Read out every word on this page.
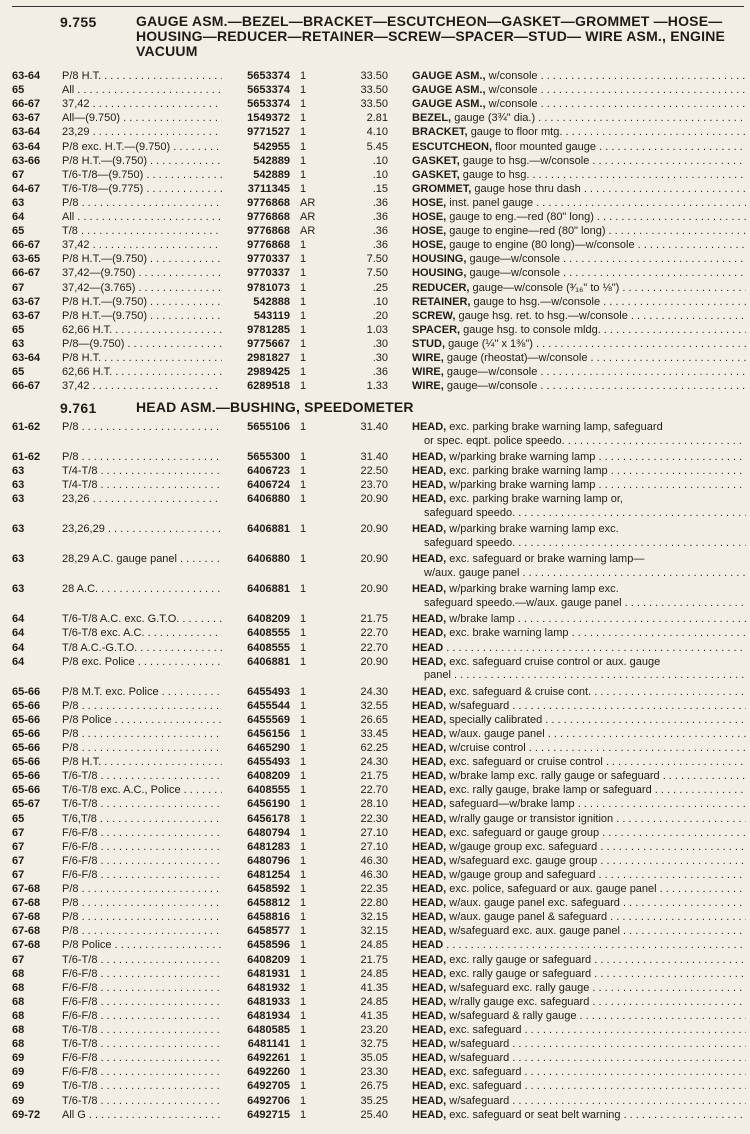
9.755	GAUGE ASM.—BEZEL—BRACKET—ESCUTCHEON—GASKET—GROMMET —HOSE—HOUSING—REDUCER—RETAINER—SCREW—SPACER—STUD— WIRE ASM., ENGINE VACUUM
63-64	P/8 H.T. . . .	5653374 1	33.50 GAUGE ASM., w/console . . .
65	All . . .	5653374 1	33.50 GAUGE ASM., w/console . . .
66-67	37,42 . . .	5653374 1	33.50 GAUGE ASM., w/console . . .
63-67	All—(9.750) . . .	1549372 1	2.81 BEZEL, gauge (3¾" dia.) . . .
63-64	23,29 . . .	9771527 1	4.10 BRACKET, gauge to floor mtg. . . .
63-64	P/8 exc. H.T.—(9.750) . . .	542955 1	5.45 ESCUTCHEON, floor mounted gauge . . .
63-66	P/8 H.T.—(9.750) . . .	542889 1	.10 GASKET, gauge to hsg.—w/console . . .
67	T/6-T/8—(9.750) . . .	542889 1	.10 GASKET, gauge to hsg. . . .
64-67	T/6-T/8—(9.775) . . .	3711345 1	.15 GROMMET, gauge hose thru dash . . .
63	P/8 . . .	9776868 AR	.36 HOSE, inst. panel gauge . . .
64	All . . .	9776868 AR	.36 HOSE, gauge to eng.—red (80" long) . . .
65	T/8 . . .	9776868 AR	.36 HOSE, gauge to engine—red (80" long) . . .
66-67	37,42 . . .	9776868 1	.36 HOSE, gauge to engine (80 long)—w/console . . .
63-65	P/8 H.T.—(9.750) . . .	9770337 1	7.50 HOUSING, gauge—w/console . . .
66-67	37,42—(9.750) . . .	9770337 1	7.50 HOUSING, gauge—w/console . . .
67	37,42—(3.765) . . .	9781073 1	.25 REDUCER, gauge—w/console (³⁄₁₆" to ⅛") . . .
63-67	P/8 H.T.—(9.750) . . .	542888 1	.10 RETAINER, gauge to hsg.—w/console . . .
63-67	P/8 H.T.—(9.750) . . .	543119 1	.20 SCREW, gauge hsg. ret. to hsg.—w/console . . .
65	62,66 H.T. . . .	9781285 1	1.03 SPACER, gauge hsg. to console mldg. . . .
63	P/8—(9.750) . . .	9775667 1	.30 STUD, gauge (¼" x 1⅜") . . .
63-64	P/8 H.T. . . .	2981827 1	.30 WIRE, gauge (rheostat)—w/console . . .
65	62,66 H.T. . . .	2989425 1	.36 WIRE, gauge—w/console . . .
66-67	37,42 . . .	6289518 1	1.33 WIRE, gauge—w/console . . .
9.761	HEAD ASM.—BUSHING, SPEEDOMETER
61-62	P/8 . . .	5655106 1	31.40 HEAD, exc. parking brake warning lamp, safeguard
or spec. eqpt. police speedo. . . .
61-62	P/8 . . .	5655300 1	31.40 HEAD, w/parking brake warning lamp . . .
63	T/4-T/8 . . .	6406723 1	22.50 HEAD, exc. parking brake warning lamp . . .
63	T/4-T/8 . . .	6406724 1	23.70 HEAD, w/parking brake warning lamp . . .
63	23,26 . . .	6406880 1	20.90 HEAD, exc. parking brake warning lamp or,
safeguard speedo. . . .
63	23,26,29 . . .	6406881 1	20.90 HEAD, w/parking brake warning lamp exc.
safeguard speedo. . . .
63	28,29 A.C. gauge panel . . .	6406880 1	20.90 HEAD, exc. safeguard or brake warning lamp—
w/aux. gauge panel . . .
63	28 A.C. . . .	6406881 1	20.90 HEAD, w/parking brake warning lamp exc.
safeguard speedo.—w/aux. gauge panel . . .
64	T/6-T/8 A.C. exc. G.T.O. . . .	6408209 1	21.75 HEAD, w/brake lamp . . .
64	T/6-T/8 exc. A.C. . . .	6408555 1	22.70 HEAD, exc. brake warning lamp . . .
64	T/8 A.C.-G.T.O. . . .	6408555 1	22.70 HEAD . . .
64	P/8 exc. Police . . .	6406881 1	20.90 HEAD, exc. safeguard cruise control or aux. gauge
panel . . .
65-66	P/8 M.T. exc. Police . . .	6455493 1	24.30 HEAD, exc. safeguard & cruise cont. . . .
65-66	P/8 . . .	6455544 1	32.55 HEAD, w/safeguard . . .
65-66	P/8 Police . . .	6455569 1	26.65 HEAD, specially calibrated . . .
65-66	P/8 . . .	6456156 1	33.45 HEAD, w/aux. gauge panel . . .
65-66	P/8 . . .	6465290 1	62.25 HEAD, w/cruise control . . .
65-66	P/8 H.T. . . .	6455493 1	24.30 HEAD, exc. safeguard or cruise control . . .
65-66	T/6-T/8 . . .	6408209 1	21.75 HEAD, w/brake lamp exc. rally gauge or safeguard . . .
65-66	T/6-T/8 exc. A.C., Police . . .	6408555 1	22.70 HEAD, exc. rally gauge, brake lamp or safeguard . . .
65-67	T/6-T/8 . . .	6456190 1	28.10 HEAD, safeguard—w/brake lamp . . .
65	T/6,T/8 . . .	6456178 1	22.30 HEAD, w/rally gauge or transistor ignition . . .
67	F/6-F/8 . . .	6480794 1	27.10 HEAD, exc. safeguard or gauge group . . .
67	F/6-F/8 . . .	6481283 1	27.10 HEAD, w/gauge group exc. safeguard . . .
67	F/6-F/8 . . .	6480796 1	46.30 HEAD, w/safeguard exc. gauge group . . .
67	F/6-F/8 . . .	6481254 1	46.30 HEAD, w/gauge group and safeguard . . .
67-68	P/8 . . .	6458592 1	22.35 HEAD, exc. police, safeguard or aux. gauge panel . . .
67-68	P/8 . . .	6458812 1	22.80 HEAD, w/aux. gauge panel exc. safeguard . . .
67-68	P/8 . . .	6458816 1	32.15 HEAD, w/aux. gauge panel & safeguard . . .
67-68	P/8 . . .	6458577 1	32.15 HEAD, w/safeguard exc. aux. gauge panel . . .
67-68	P/8 Police . . .	6458596 1	24.85 HEAD . . .
67	T/6-T/8 . . .	6408209 1	21.75 HEAD, exc. rally gauge or safeguard . . .
68	F/6-F/8 . . .	6481931 1	24.85 HEAD, exc. rally gauge or safeguard . . .
68	F/6-F/8 . . .	6481932 1	41.35 HEAD, w/safeguard exc. rally gauge . . .
68	F/6-F/8 . . .	6481933 1	24.85 HEAD, w/rally gauge exc. safeguard . . .
68	F/6-F/8 . . .	6481934 1	41.35 HEAD, w/safeguard & rally gauge . . .
68	T/6-T/8 . . .	6480585 1	23.20 HEAD, exc. safeguard . . .
68	T/6-T/8 . . .	6481141 1	32.75 HEAD, w/safeguard . . .
69	F/6-F/8 . . .	6492261 1	35.05 HEAD, w/safeguard . . .
69	F/6-F/8 . . .	6492260 1	23.30 HEAD, exc. safeguard . . .
69	T/6-T/8 . . .	6492705 1	26.75 HEAD, exc. safeguard . . .
69	T/6-T/8 . . .	6492706 1	35.25 HEAD, w/safeguard . . .
69-72	All G . . .	6492715 1	25.40 HEAD, exc. safeguard or seat belt warning . . .
